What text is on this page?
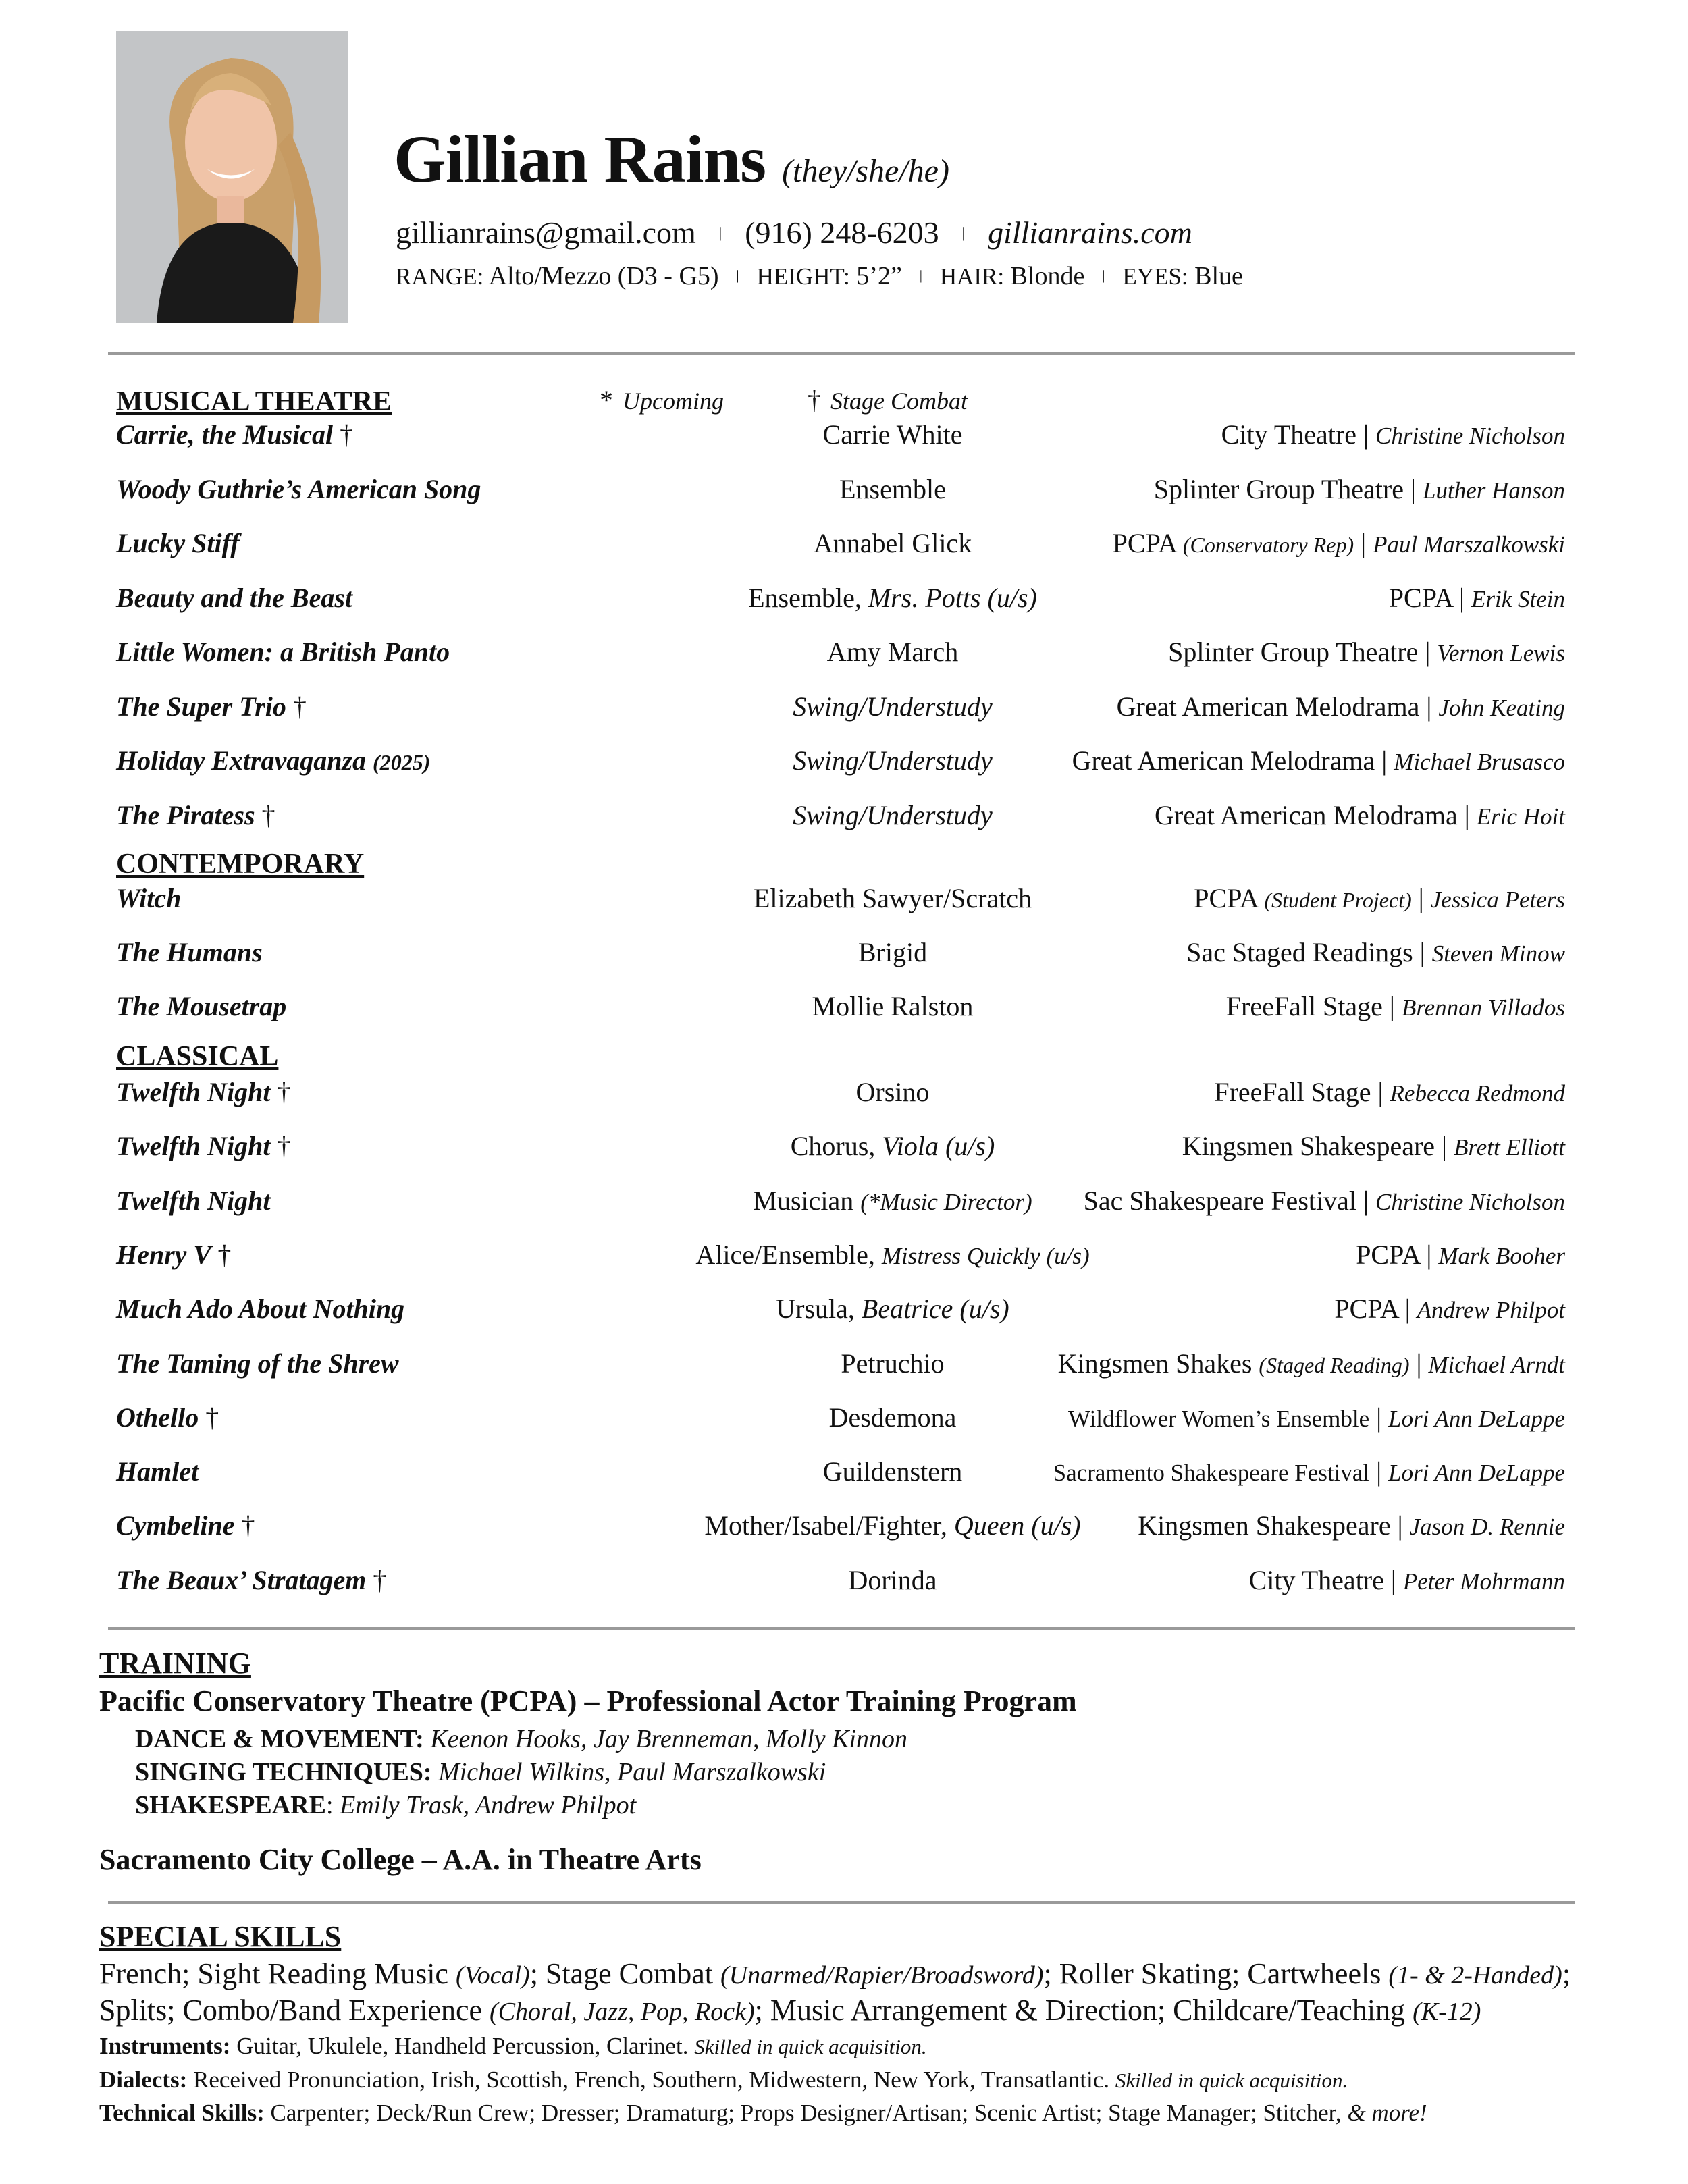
Gillian Rains (they/she/he)
gillianrains@gmail.com | (916) 248-6203 | gillianrains.com
RANGE: Alto/Mezzo (D3 - G5) | HEIGHT: 5’2” | HAIR: Blonde | EYES: Blue
* Upcoming	† Stage Combat
MUSICAL THEATRE
Carrie, the Musical †	Carrie White	City Theatre | Christine Nicholson
Woody Guthrie’s American Song	Ensemble	Splinter Group Theatre | Luther Hanson
Lucky Stiff	Annabel Glick	PCPA (Conservatory Rep) | Paul Marszalkowski
Beauty and the Beast	Ensemble, Mrs. Potts (u/s)	PCPA | Erik Stein
Little Women: a British Panto	Amy March	Splinter Group Theatre | Vernon Lewis
The Super Trio †	Swing/Understudy	Great American Melodrama | John Keating
Holiday Extravaganza (2025)	Swing/Understudy	Great American Melodrama | Michael Brusasco
The Piratess †	Swing/Understudy	Great American Melodrama | Eric Hoit
CONTEMPORARY
Witch	Elizabeth Sawyer/Scratch	PCPA (Student Project) | Jessica Peters
The Humans	Brigid	Sac Staged Readings | Steven Minow
The Mousetrap	Mollie Ralston	FreeFall Stage | Brennan Villados
CLASSICAL
Twelfth Night †	Orsino	FreeFall Stage | Rebecca Redmond
Twelfth Night †	Chorus, Viola (u/s)	Kingsmen Shakespeare | Brett Elliott
Twelfth Night	Musician (*Music Director)	Sac Shakespeare Festival | Christine Nicholson
Henry V †	Alice/Ensemble, Mistress Quickly (u/s)	PCPA | Mark Booher
Much Ado About Nothing	Ursula, Beatrice (u/s)	PCPA | Andrew Philpot
The Taming of the Shrew	Petruchio	Kingsmen Shakes (Staged Reading) | Michael Arndt
Othello †	Desdemona	Wildflower Women’s Ensemble | Lori Ann DeLappe
Hamlet	Guildenstern	Sacramento Shakespeare Festival | Lori Ann DeLappe
Cymbeline †	Mother/Isabel/Fighter, Queen (u/s)	Kingsmen Shakespeare | Jason D. Rennie
The Beaux’ Stratagem †	Dorinda	City Theatre | Peter Mohrmann
TRAINING
Pacific Conservatory Theatre (PCPA) – Professional Actor Training Program
DANCE & MOVEMENT: Keenon Hooks, Jay Brenneman, Molly Kinnon
SINGING TECHNIQUES: Michael Wilkins, Paul Marszalkowski
SHAKESPEARE: Emily Trask, Andrew Philpot
Sacramento City College – A.A. in Theatre Arts
SPECIAL SKILLS
French; Sight Reading Music (Vocal); Stage Combat (Unarmed/Rapier/Broadsword); Roller Skating; Cartwheels (1- & 2-Handed);
Splits; Combo/Band Experience (Choral, Jazz, Pop, Rock); Music Arrangement & Direction; Childcare/Teaching (K-12)
Instruments: Guitar, Ukulele, Handheld Percussion, Clarinet. Skilled in quick acquisition.
Dialects: Received Pronunciation, Irish, Scottish, French, Southern, Midwestern, New York, Transatlantic. Skilled in quick acquisition.
Technical Skills: Carpenter; Deck/Run Crew; Dresser; Dramaturg; Props Designer/Artisan; Scenic Artist; Stage Manager; Stitcher, & more!
